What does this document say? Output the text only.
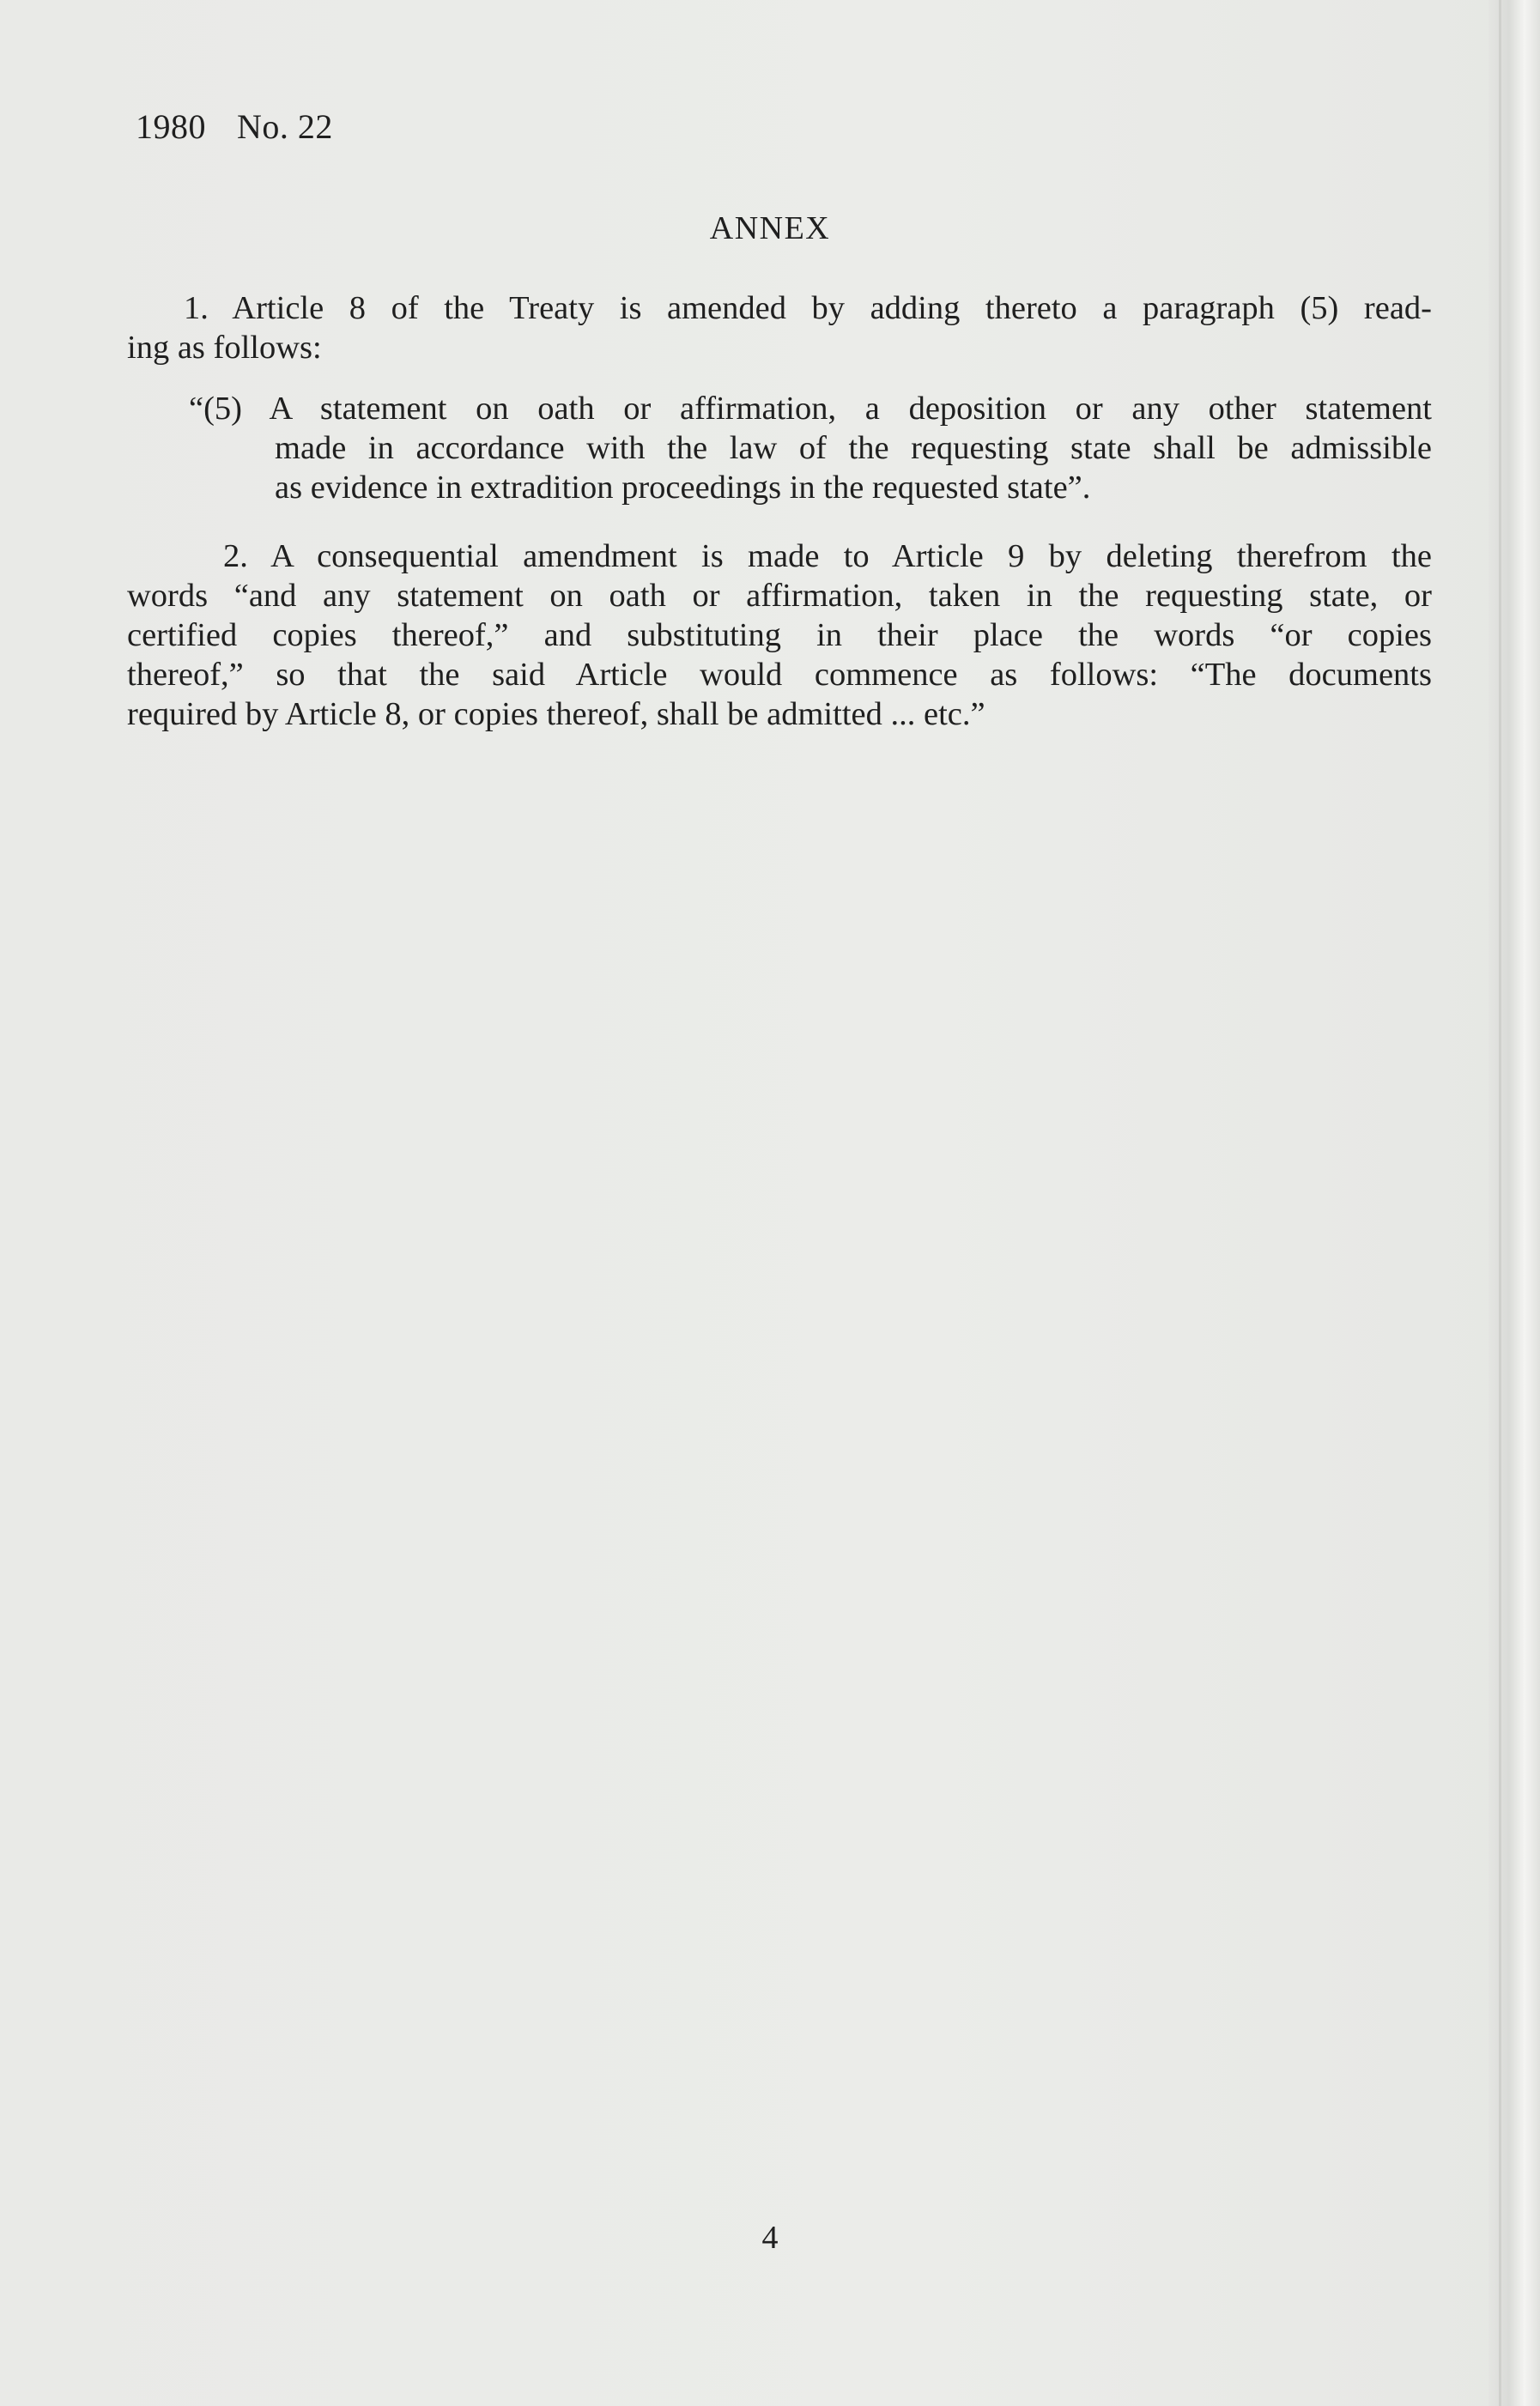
1980 No. 22
ANNEX
1. Article 8 of the Treaty is amended by adding thereto a paragraph (5) read-
ing as follows:
“(5) A statement on oath or affirmation, a deposition or any other statement
made in accordance with the law of the requesting state shall be admissible
as evidence in extradition proceedings in the requested state”.
2. A consequential amendment is made to Article 9 by deleting therefrom the
words “and any statement on oath or affirmation, taken in the requesting state, or
certified copies thereof,” and substituting in their place the words “or copies
thereof,” so that the said Article would commence as follows: “The documents
required by Article 8, or copies thereof, shall be admitted ... etc.”
4
